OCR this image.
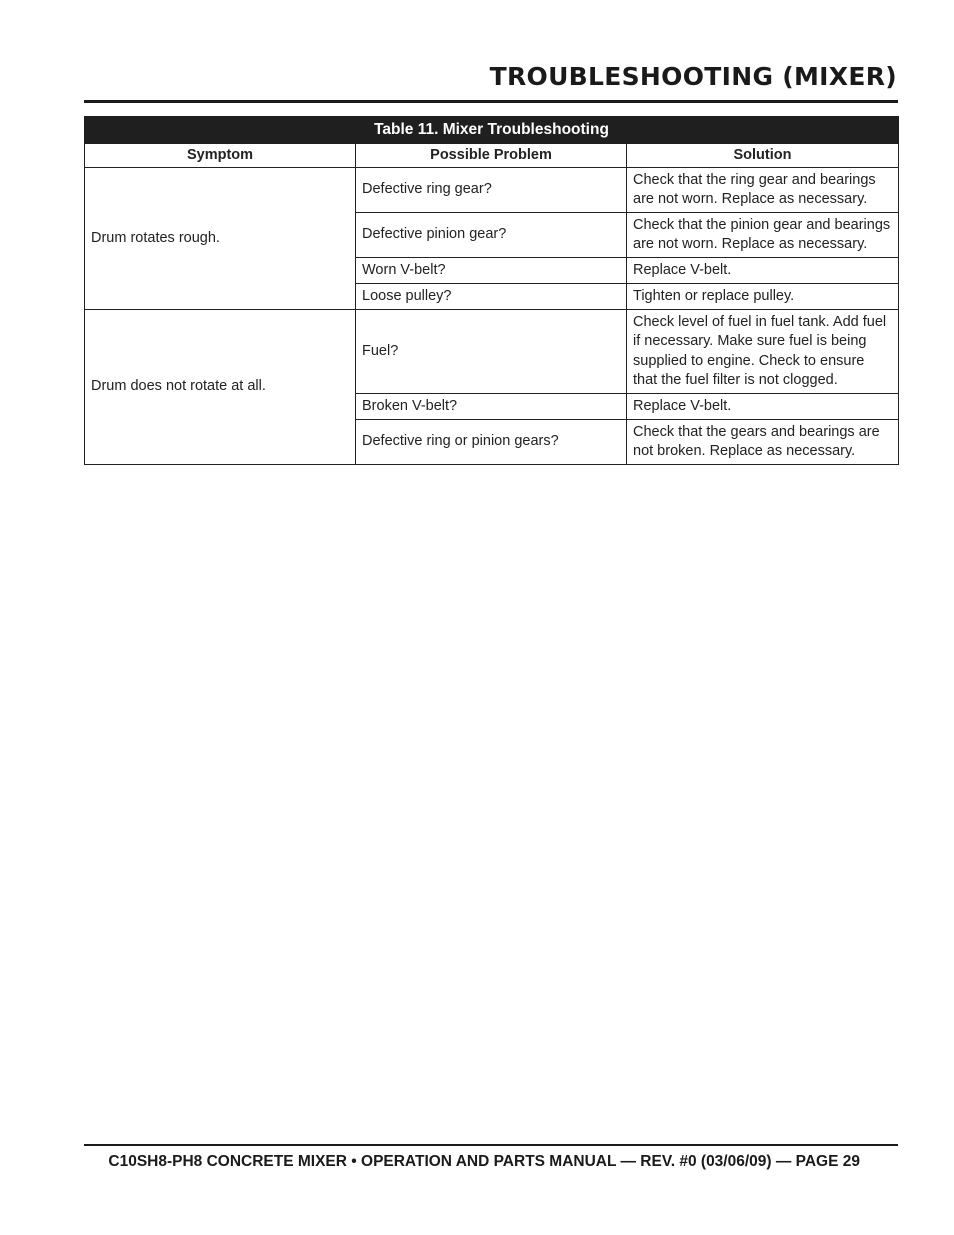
TROUBLESHOOTING (MIXER)
Table 11. Mixer Troubleshooting		
Symptom	Possible Problem	Solution
Drum rotates rough.	Defective ring gear?	Check that the ring gear and bearings are not worn. Replace as necessary.
	Defective pinion gear?	Check that the pinion gear and bearings are not worn. Replace as necessary.
	Worn V-belt?	Replace V-belt.
	Loose pulley?	Tighten or replace pulley.
Drum does not rotate at all.	Fuel?	Check level of fuel in fuel tank. Add fuel if necessary. Make sure fuel is being supplied to engine. Check to ensure that the fuel filter is not clogged.
	Broken V-belt?	Replace V-belt.
	Defective ring or pinion gears?	Check that the gears and bearings are not broken. Replace as necessary.
C10SH8-PH8 CONCRETE MIXER • OPERATION AND PARTS MANUAL — REV. #0 (03/06/09) — PAGE 29
